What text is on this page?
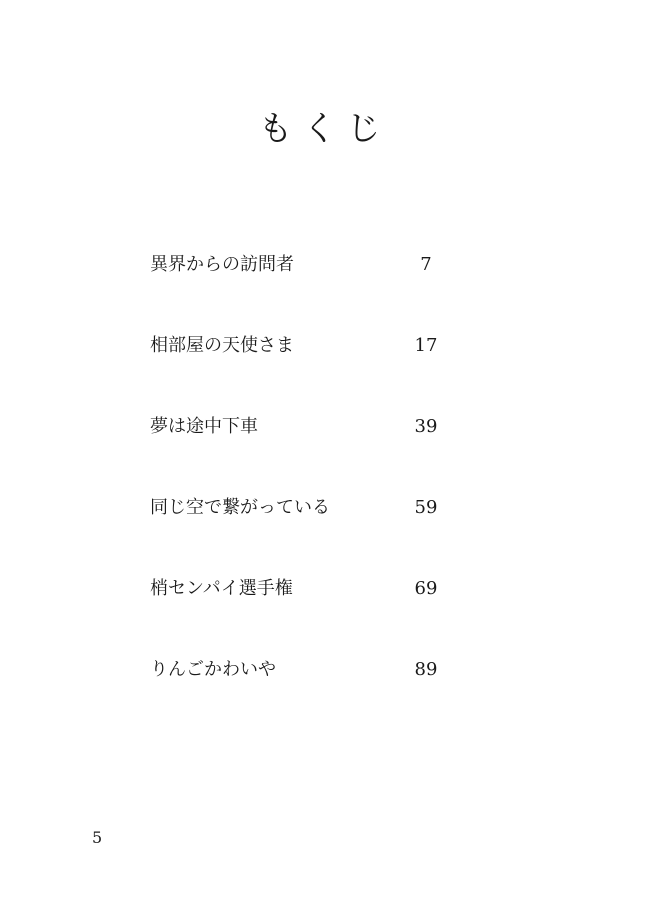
もくじ
異界からの訪問者	7
相部屋の天使さま	17
夢は途中下車	39
同じ空で繋がっている	59
梢センパイ選手権	69
りんごかわいや	89
5
